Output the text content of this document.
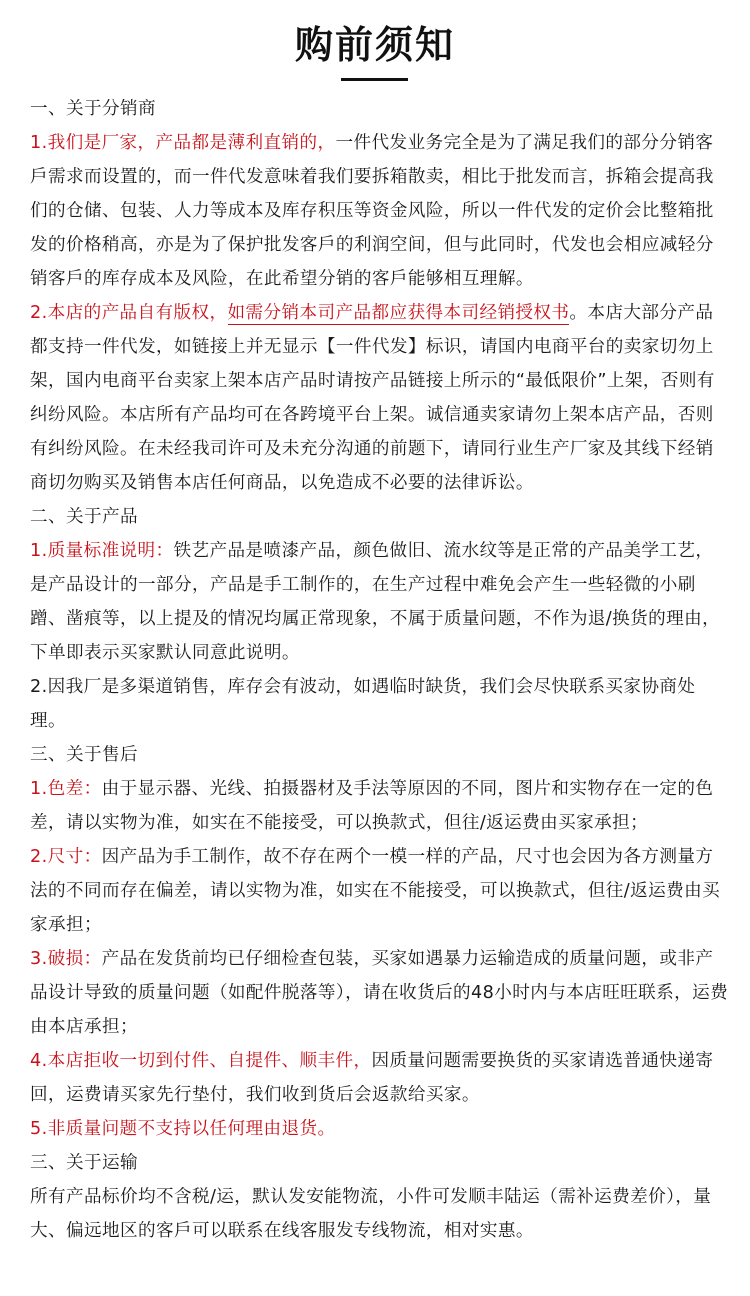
购前须知

一、关于分销商

1.我们是厂家，产品都是薄利直销的，一件代发业务完全是为了满足我们的部分分销客戶需求而设置的，而一件代发意味着我们要拆箱散卖，相比于批发而言，拆箱会提高我们的仓储、包装、人力等成本及库存积压等资金风险，所以一件代发的定价会比整箱批发的价格稍高，亦是为了保护批发客戶的利润空间，但与此同时，代发也会相应减轻分销客戶的库存成本及风险，在此希望分销的客戶能够相互理解。

2.本店的产品自有版权，如需分销本司产品都应获得本司经销授权书。本店大部分产品都支持一件代发，如链接上并无显示【一件代发】标识，请国内电商平台的卖家切勿上架，国内电商平台卖家上架本店产品时请按产品链接上所示的“最低限价”上架，否则有纠纷风险。本店所有产品均可在各跨境平台上架。诚信通卖家请勿上架本店产品，否则有纠纷风险。在未经我司许可及未充分沟通的前题下，请同行业生产厂家及其线下经销商切勿购买及销售本店任何商品，以免造成不必要的法律诉讼。

二、关于产品

1.质量标准说明：铁艺产品是喷漆产品，颜色做旧、流水纹等是正常的产品美学工艺，是产品设计的一部分，产品是手工制作的，在生产过程中难免会产生一些轻微的小刷蹭、凿痕等，以上提及的情况均属正常现象，不属于质量问题，不作为退/换货的理由，下单即表示买家默认同意此说明。

2.因我厂是多渠道销售，库存会有波动，如遇临时缺货，我们会尽快联系买家协商处理。

三、关于售后

1.色差：由于显示器、光线、拍摄器材及手法等原因的不同，图片和实物存在一定的色差，请以实物为准，如实在不能接受，可以换款式，但往/返运费由买家承担；

2.尺寸：因产品为手工制作，故不存在两个一模一样的产品，尺寸也会因为各方测量方法的不同而存在偏差，请以实物为准，如实在不能接受，可以换款式，但往/返运费由买家承担；

3.破损：产品在发货前均已仔细检查包装，买家如遇暴力运输造成的质量问题，或非产品设计导致的质量问题（如配件脱落等），请在收货后的48小时内与本店旺旺联系，运费由本店承担；

4.本店拒收一切到付件、自提件、顺丰件，因质量问题需要换货的买家请选普通快递寄回，运费请买家先行垫付，我们收到货后会返款给买家。

5.非质量问题不支持以任何理由退货。

三、关于运输

所有产品标价均不含税/运，默认发安能物流，小件可发顺丰陆运（需补运费差价），量大、偏远地区的客戶可以联系在线客服发专线物流，相对实惠。
